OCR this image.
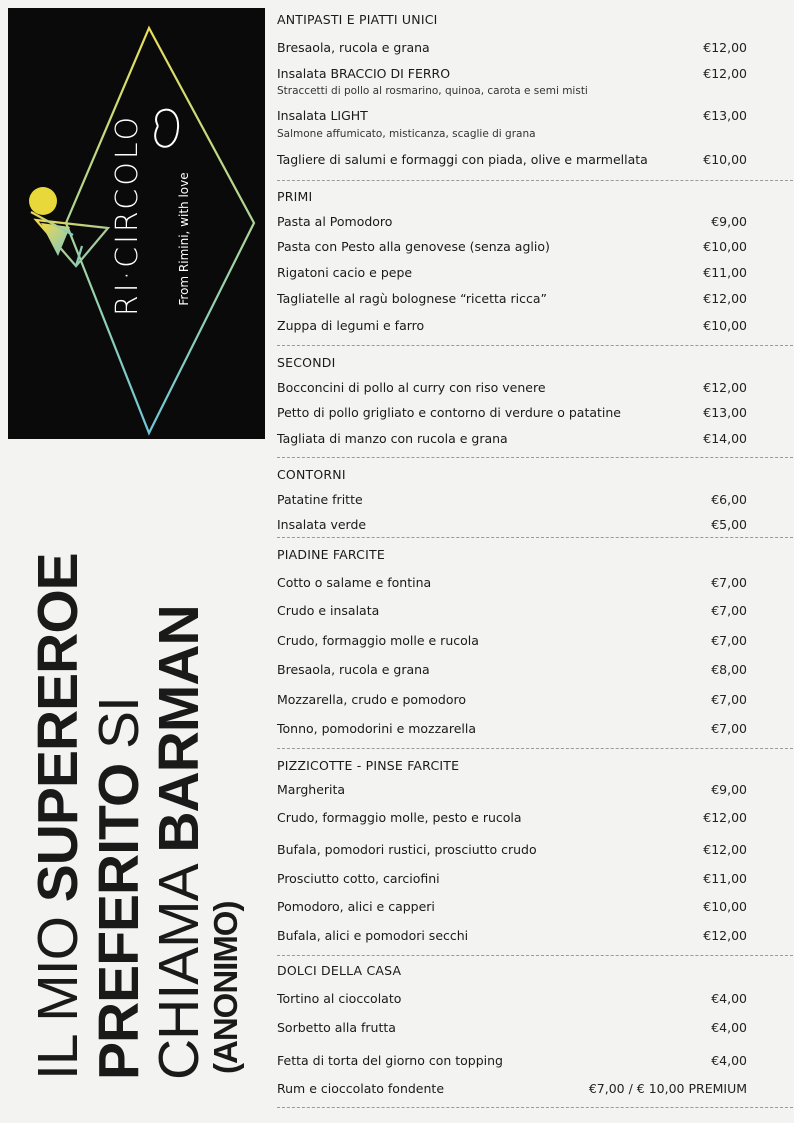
RI·CIRCOLO	From Rimini, with love
IL MIO SUPEREROE
PREFERITO SI
CHIAMA BARMAN
(ANONIMO)
ANTIPASTI E PIATTI UNICI
Bresaola, rucola e grana	€12,00
Insalata BRACCIO DI FERRO	€12,00
Straccetti di pollo al rosmarino, quinoa, carota e semi misti
Insalata LIGHT	€13,00
Salmone affumicato, misticanza, scaglie di grana
Tagliere di salumi e formaggi con piada, olive e marmellata	€10,00
PRIMI
Pasta al Pomodoro	€9,00
Pasta con Pesto alla genovese (senza aglio)	€10,00
Rigatoni cacio e pepe	€11,00
Tagliatelle al ragù bolognese “ricetta ricca”	€12,00
Zuppa di legumi e farro	€10,00
SECONDI
Bocconcini di pollo al curry con riso venere	€12,00
Petto di pollo grigliato e contorno di verdure o patatine	€13,00
Tagliata di manzo con rucola e grana	€14,00
CONTORNI
Patatine fritte	€6,00
Insalata verde	€5,00
PIADINE FARCITE
Cotto o salame e fontina	€7,00
Crudo e insalata	€7,00
Crudo, formaggio molle e rucola	€7,00
Bresaola, rucola e grana	€8,00
Mozzarella, crudo e pomodoro	€7,00
Tonno, pomodorini e mozzarella	€7,00
PIZZICOTTE - PINSE FARCITE
Margherita	€9,00
Crudo, formaggio molle, pesto e rucola	€12,00
Bufala, pomodori rustici, prosciutto crudo	€12,00
Prosciutto cotto, carciofini	€11,00
Pomodoro, alici e capperi	€10,00
Bufala, alici e pomodori secchi	€12,00
DOLCI DELLA CASA
Tortino al cioccolato	€4,00
Sorbetto alla frutta	€4,00
Fetta di torta del giorno con topping	€4,00
Rum e cioccolato fondente	€7,00 / € 10,00 PREMIUM
